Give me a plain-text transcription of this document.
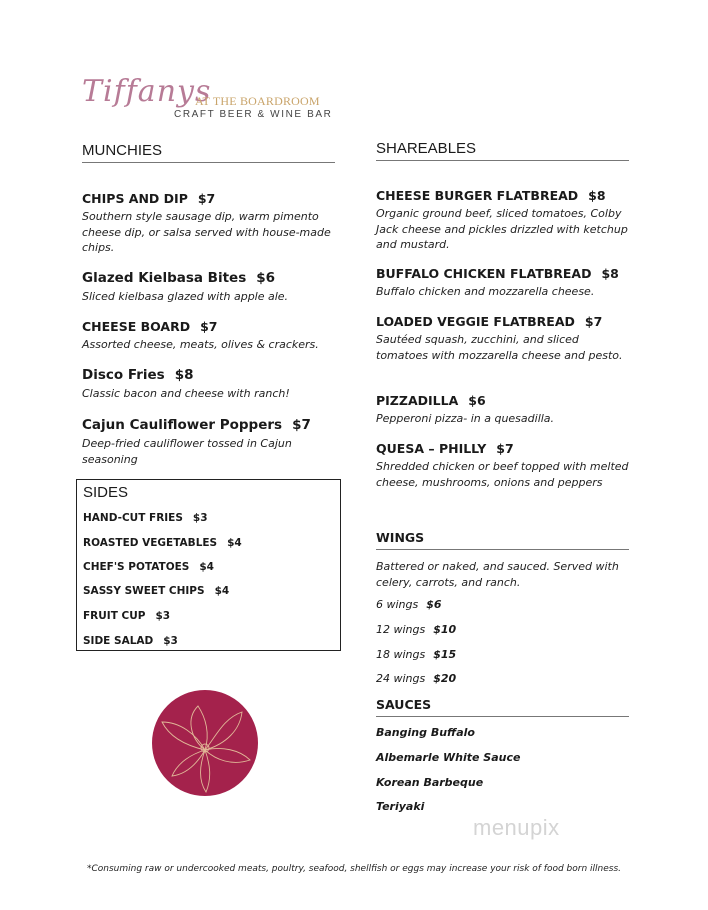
Tiffanys
AT THE BOARDROOM
CRAFT BEER & WINE BAR
MUNCHIES
CHIPS AND DIP $7
Southern style sausage dip, warm pimento cheese dip, or salsa served with house-made chips.
Glazed Kielbasa Bites $6
Sliced kielbasa glazed with apple ale.
CHEESE BOARD $7
Assorted cheese, meats, olives & crackers.
Disco Fries $8
Classic bacon and cheese with ranch!
Cajun Cauliflower Poppers $7
Deep-fried cauliflower tossed in Cajun seasoning
SIDES
HAND-CUT FRIES $3
ROASTED VEGETABLES $4
CHEF'S POTATOES $4
SASSY SWEET CHIPS $4
FRUIT CUP $3
SIDE SALAD $3
SHAREABLES
CHEESE BURGER FLATBREAD $8
Organic ground beef, sliced tomatoes, Colby Jack cheese and pickles drizzled with ketchup and mustard.
BUFFALO CHICKEN FLATBREAD $8
Buffalo chicken and mozzarella cheese.
LOADED VEGGIE FLATBREAD $7
Sautéed squash, zucchini, and sliced tomatoes with mozzarella cheese and pesto.
PIZZADILLA $6
Pepperoni pizza- in a quesadilla.
QUESA – PHILLY $7
Shredded chicken or beef topped with melted cheese, mushrooms, onions and peppers
WINGS
Battered or naked, and sauced. Served with celery, carrots, and ranch.
6 wings $6
12 wings $10
18 wings $15
24 wings $20
SAUCES
Banging Buffalo
Albemarle White Sauce
Korean Barbeque
Teriyaki
menupix
*Consuming raw or undercooked meats, poultry, seafood, shellfish or eggs may increase your risk of food born illness.
